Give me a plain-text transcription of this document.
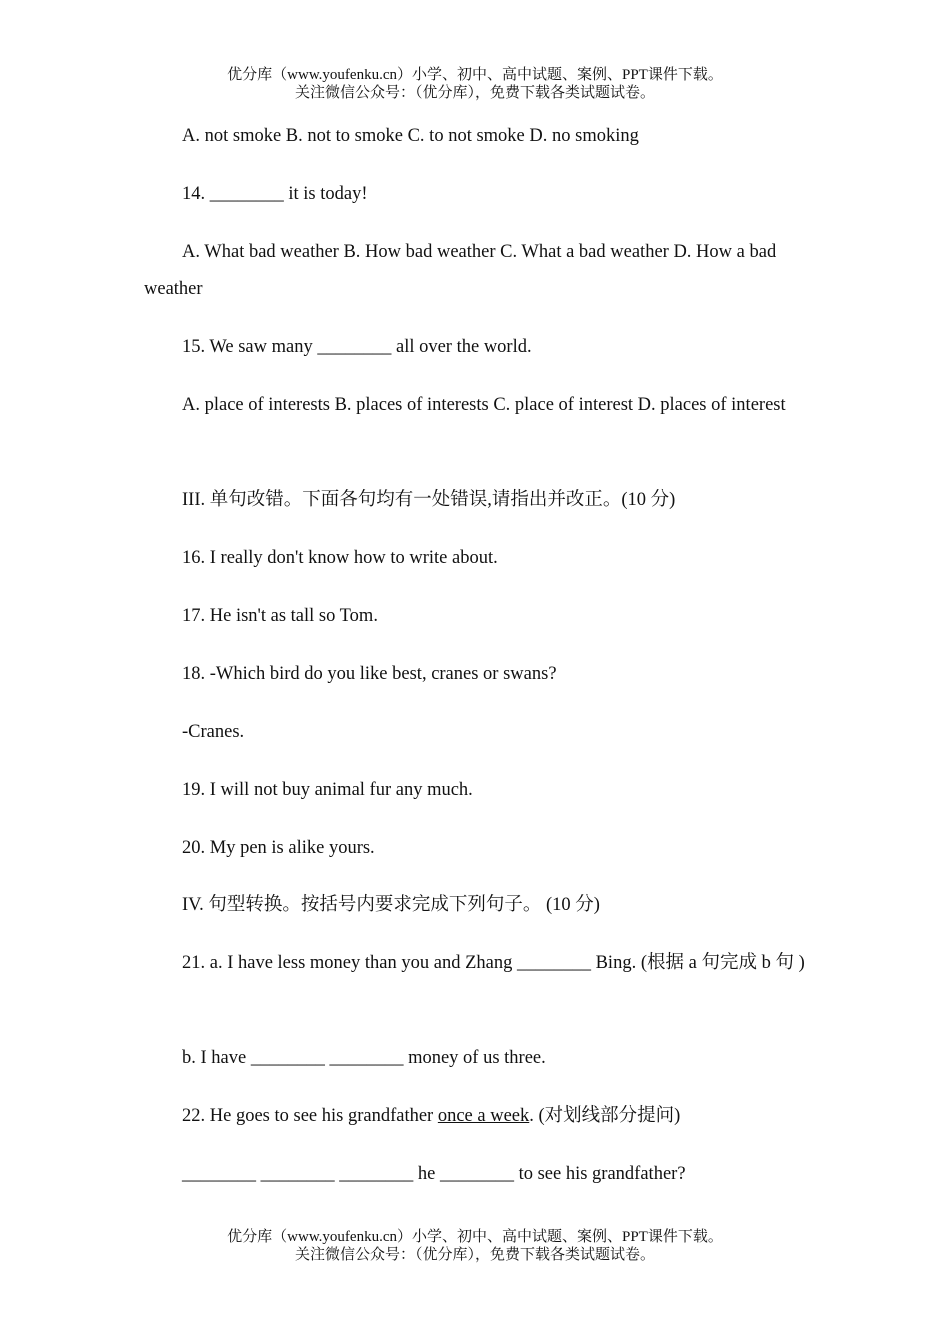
优分库（www.youfenku.cn）小学、初中、高中试题、案例、PPT课件下载。
关注微信公众号：（优分库），免费下载各类试题试卷。
A. not smoke B. not to smoke C. to not smoke D. no smoking
14. ________ it is today!
A. What bad weather B. How bad weather C. What a bad weather D. How a bad weather
15. We saw many ________ all over the world.
A. place of interests B. places of interests C. place of interest D. places of interest
III. 单句改错。下面各句均有一处错误,请指出并改正。(10 分)
16. I really don't know how to write about.
17. He isn't as tall so Tom.
18. -Which bird do you like best, cranes or swans?
-Cranes.
19. I will not buy animal fur any much.
20. My pen is alike yours.
IV. 句型转换。按括号内要求完成下列句子。 (10 分)
21. a. I have less money than you and Zhang ________ Bing. (根据 a 句完成 b 句 )
b. I have ________ ________ money of us three.
22. He goes to see his grandfather once a week. (对划线部分提问)
________ ________ ________ he ________ to see his grandfather?
优分库（www.youfenku.cn）小学、初中、高中试题、案例、PPT课件下载。
关注微信公众号：（优分库），免费下载各类试题试卷。
